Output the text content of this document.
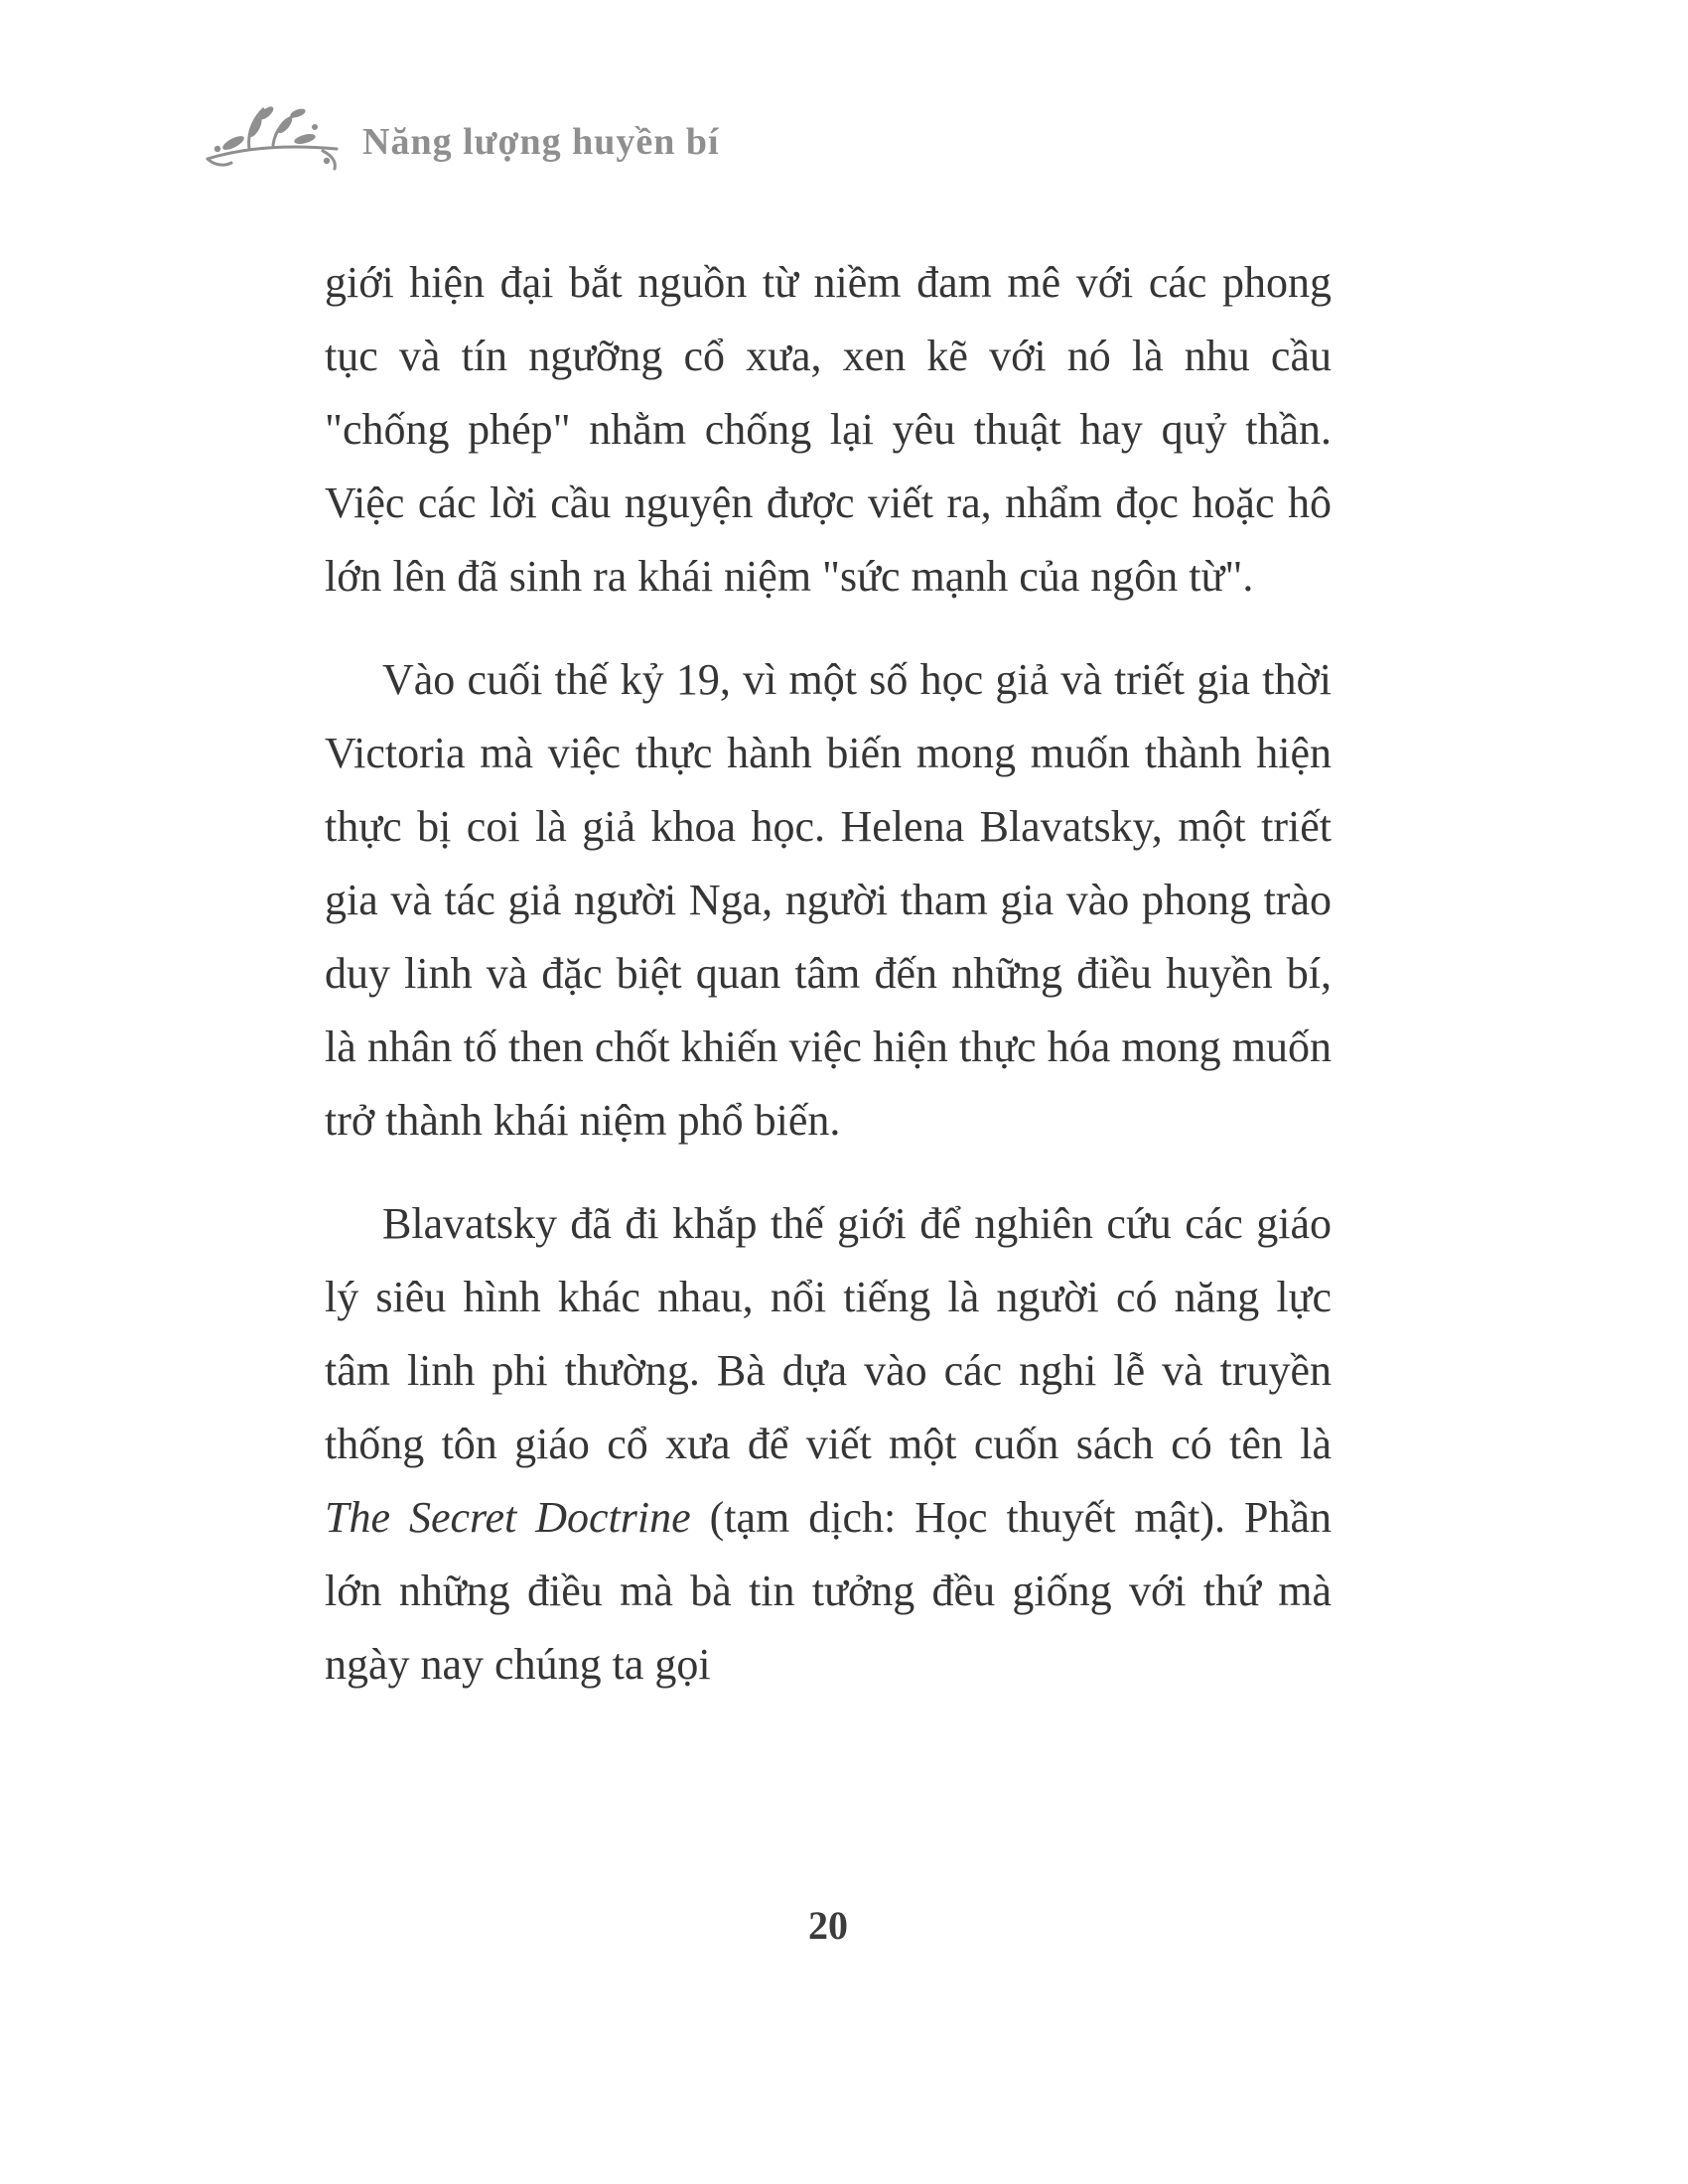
Năng lượng huyền bí

giới hiện đại bắt nguồn từ niềm đam mê với các phong tục và tín ngưỡng cổ xưa, xen kẽ với nó là nhu cầu "chống phép" nhằm chống lại yêu thuật hay quỷ thần. Việc các lời cầu nguyện được viết ra, nhẩm đọc hoặc hô lớn lên đã sinh ra khái niệm "sức mạnh của ngôn từ".

Vào cuối thế kỷ 19, vì một số học giả và triết gia thời Victoria mà việc thực hành biến mong muốn thành hiện thực bị coi là giả khoa học. Helena Blavatsky, một triết gia và tác giả người Nga, người tham gia vào phong trào duy linh và đặc biệt quan tâm đến những điều huyền bí, là nhân tố then chốt khiến việc hiện thực hóa mong muốn trở thành khái niệm phổ biến.

Blavatsky đã đi khắp thế giới để nghiên cứu các giáo lý siêu hình khác nhau, nổi tiếng là người có năng lực tâm linh phi thường. Bà dựa vào các nghi lễ và truyền thống tôn giáo cổ xưa để viết một cuốn sách có tên là The Secret Doctrine (tạm dịch: Học thuyết mật). Phần lớn những điều mà bà tin tưởng đều giống với thứ mà ngày nay chúng ta gọi

20
